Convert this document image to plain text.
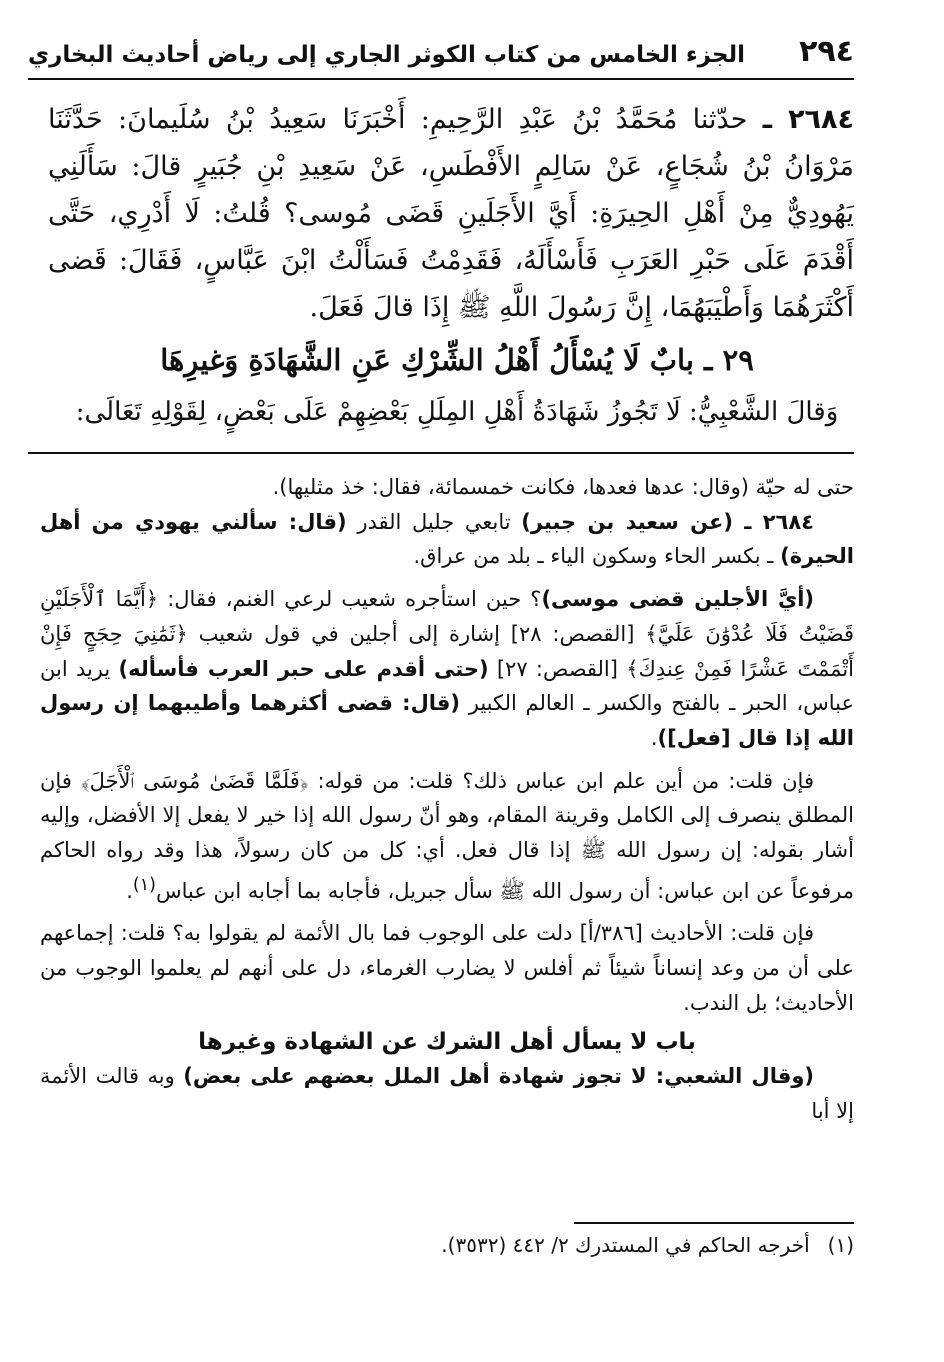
٢٩٤
الجزء الخامس من كتاب الكوثر الجاري إلى رياض أحاديث البخاري
٢٦٨٤ ـ حدّثنا مُحَمَّدُ بْنُ عَبْدِ الرَّحِيمِ: أَخْبَرَنَا سَعِيدُ بْنُ سُلَيمانَ: حَدَّثَنَا مَرْوَانُ بْنُ شُجَاعٍ، عَنْ سَالِمٍ الأَفْطَسِ، عَنْ سَعِيدِ بْنِ جُبَيرٍ قالَ: سَأَلَنِي يَهُودِيٌّ مِنْ أَهْلِ الحِيرَةِ: أَيَّ الأَجَلَينِ قَضَى مُوسى؟ قُلتُ: لَا أَدْرِي، حَتَّى أَقْدَمَ عَلَى حَبْرِ العَرَبِ فَأَسْأَلَهُ، فَقَدِمْتُ فَسَأَلْتُ ابْنَ عَبَّاسٍ، فَقَالَ: قَضى أَكْثَرَهُمَا وَأَطْيَبَهُمَا، إِنَّ رَسُولَ اللَّهِ ﷺ إِذَا قالَ فَعَلَ.
٢٩ ـ بابٌ لَا يُسْأَلُ أَهْلُ الشِّرْكِ عَنِ الشَّهَادَةِ وَغيرِهَا
وَقالَ الشَّعْبِيُّ: لَا تَجُوزُ شَهَادَةُ أَهْلِ المِلَلِ بَعْضِهِمْ عَلَى بَعْضٍ، لِقَوْلِهِ تَعَالَى:

حتى له حيّة (وقال: عدها فعدها، فكانت خمسمائة، فقال: خذ مثليها).

٢٦٨٤ ـ (عن سعيد بن جبير) تابعي جليل القدر (قال: سألني يهودي من أهل الحيرة) ـ بكسر الحاء وسكون الياء ـ بلد من عراق.

(أيَّ الأجلين قضى موسى)؟ حين استأجره شعيب لرعي الغنم، فقال: ﴿أَيَّمَا ٱلْأَجَلَيْنِ قَضَيْتُ فَلَا عُدْوَٰنَ عَلَيَّ﴾ [القصص: ٢٨] إشارة إلى أجلين في قول شعيب ﴿ثَمَٰنِيَ حِجَجٍ فَإِنْ أَتْمَمْتَ عَشْرًا فَمِنْ عِندِكَ﴾ [القصص: ٢٧] (حتى أقدم على حبر العرب فأسأله) يريد ابن عباس، الحبر ـ بالفتح والكسر ـ العالم الكبير (قال: قضى أكثرهما وأطيبهما إن رسول الله إذا قال [فعل]).

فإن قلت: من أين علم ابن عباس ذلك؟ قلت: من قوله: ﴿فَلَمَّا قَضَىٰ مُوسَى ٱلْأَجَلَ﴾ فإن المطلق ينصرف إلى الكامل وقرينة المقام، وهو أنّ رسول الله إذا خير لا يفعل إلا الأفضل، وإليه أشار بقوله: إن رسول الله ﷺ إذا قال فعل. أي: كل من كان رسولاً، هذا وقد رواه الحاكم مرفوعاً عن ابن عباس: أن رسول الله ﷺ سأل جبريل، فأجابه بما أجابه ابن عباس$^{(١)}$.

فإن قلت: الأحاديث [٣٨٦/أ] دلت على الوجوب فما بال الأئمة لم يقولوا به؟ قلت: إجماعهم على أن من وعد إنساناً شيئاً ثم أفلس لا يضارب الغرماء، دل على أنهم لم يعلموا الوجوب من الأحاديث؛ بل الندب.

باب لا يسأل أهل الشرك عن الشهادة وغيرها

(وقال الشعبي: لا تجوز شهادة أهل الملل بعضهم على بعض) وبه قالت الأئمة إلا أبا

(١)أخرجه الحاكم في المستدرك ٢/ ٤٤٢ (٣٥٣٢).
